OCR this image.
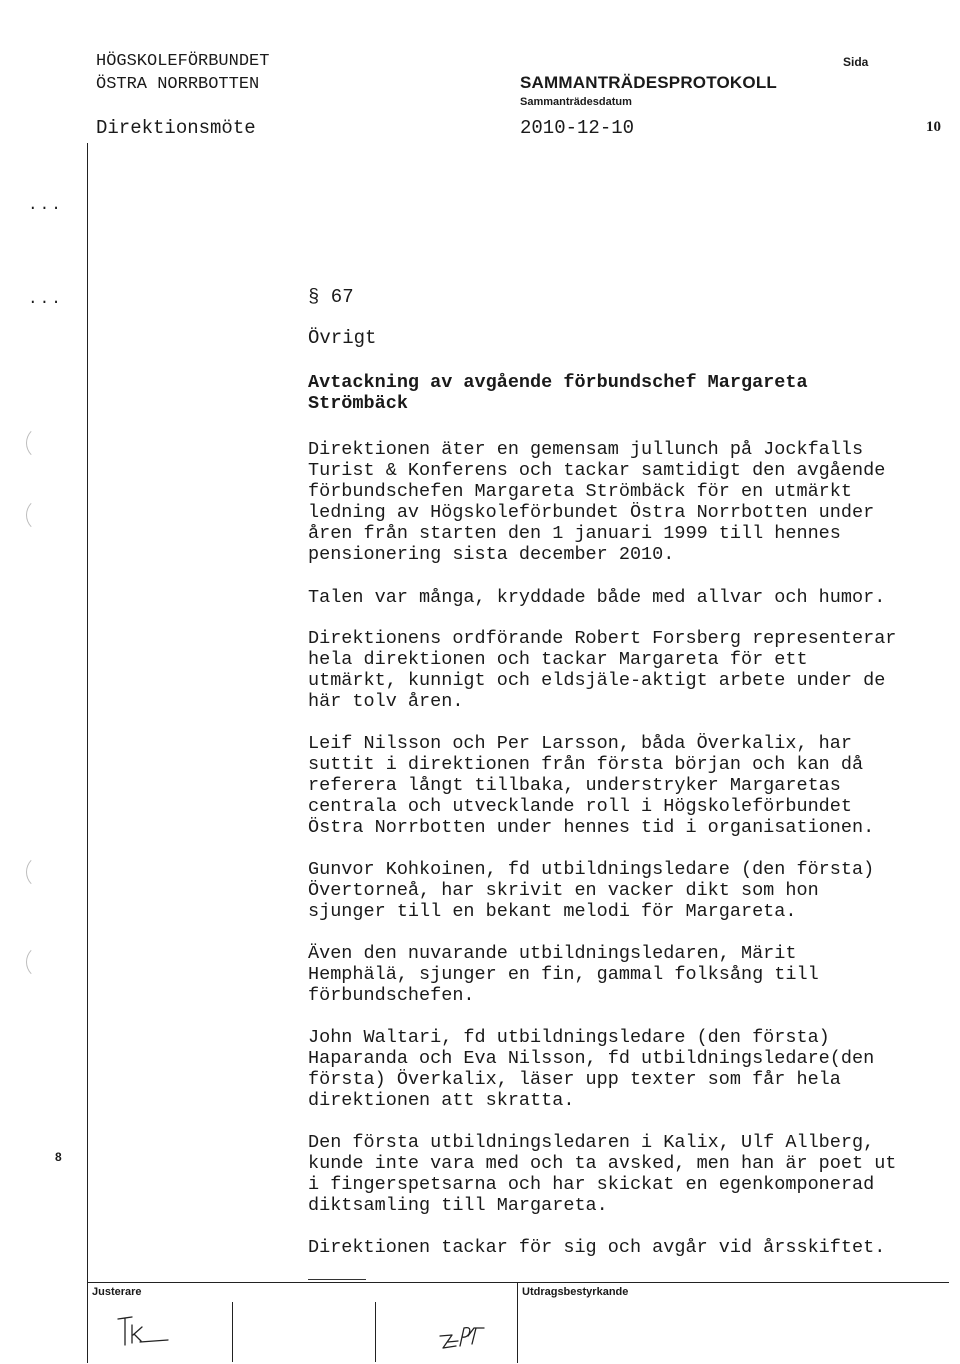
HÖGSKOLEFÖRBUNDET
ÖSTRA NORRBOTTEN
Sida
SAMMANTRÄDESPROTOKOLL
Sammanträdesdatum
Direktionsmöte	2010-12-10	10
...
...
8
§ 67
Övrigt
Avtackning av avgående förbundschef Margareta
Strömbäck

Direktionen äter en gemensam jullunch på Jockfalls
Turist & Konferens och tackar samtidigt den avgående
förbundschefen Margareta Strömbäck för en utmärkt
ledning av Högskoleförbundet Östra Norrbotten under
åren från starten den 1 januari 1999 till hennes
pensionering sista december 2010.

Talen var många, kryddade både med allvar och humor.

Direktionens ordförande Robert Forsberg representerar
hela direktionen och tackar Margareta för ett
utmärkt, kunnigt och eldsjäle-aktigt arbete under de
här tolv åren.

Leif Nilsson och Per Larsson, båda Överkalix, har
suttit i direktionen från första början och kan då
referera långt tillbaka, understryker Margaretas
centrala och utvecklande roll i Högskoleförbundet
Östra Norrbotten under hennes tid i organisationen.

Gunvor Kohkoinen, fd utbildningsledare (den första)
Övertorneå, har skrivit en vacker dikt som hon
sjunger till en bekant melodi för Margareta.

Även den nuvarande utbildningsledaren, Märit
Hemphälä, sjunger en fin, gammal folksång till
förbundschefen.

John Waltari, fd utbildningsledare (den första)
Haparanda och Eva Nilsson, fd utbildningsledare(den
första) Överkalix, läser upp texter som får hela
direktionen att skratta.

Den första utbildningsledaren i Kalix, Ulf Allberg,
kunde inte vara med och ta avsked, men han är poet ut
i fingerspetsarna och har skickat en egenkomponerad
diktsamling till Margareta.

Direktionen tackar för sig och avgår vid årsskiftet.

Justerare	Utdragsbestyrkande
